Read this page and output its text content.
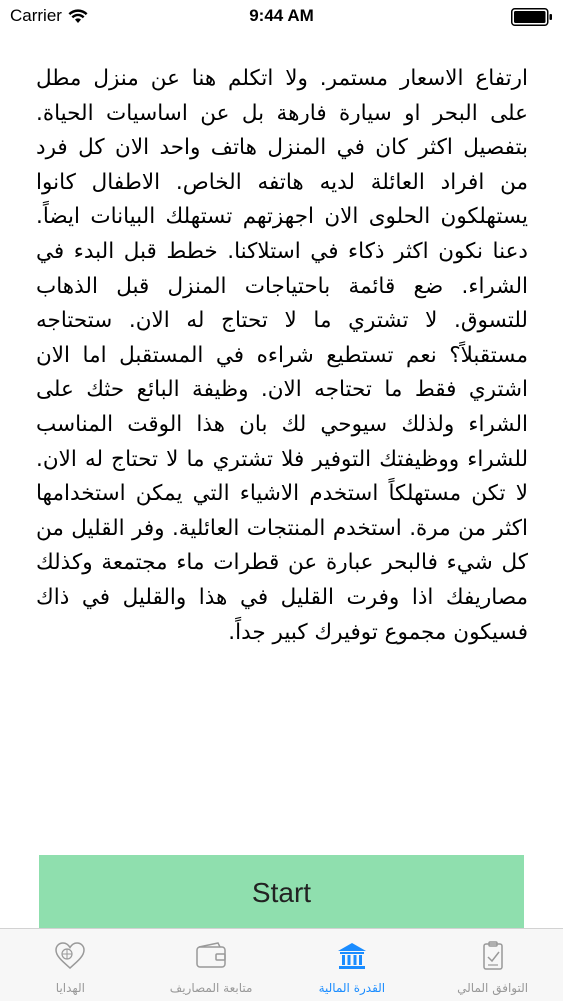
Carrier	9:44 AM

ارتفاع الاسعار مستمر. ولا اتكلم هنا عن منزل مطل على البحر او سيارة فارهة بل عن اساسيات الحياة. بتفصيل اكثر كان في المنزل هاتف واحد الان كل فرد من افراد العائلة لديه هاتفه الخاص. الاطفال كانوا يستهلكون الحلوى الان اجهزتهم تستهلك البيانات ايضاً. دعنا نكون اكثر ذكاء في استلاكنا. خطط قبل البدء في الشراء. ضع قائمة باحتياجات المنزل قبل الذهاب للتسوق. لا تشتري ما لا تحتاج له الان. ستحتاجه مستقبلاً؟ نعم تستطيع شراءه في المستقبل اما الان اشتري فقط ما تحتاجه الان. وظيفة البائع حثك على الشراء ولذلك سيوحي لك بان هذا الوقت المناسب للشراء ووظيفتك التوفير فلا تشتري ما لا تحتاج له الان. لا تكن مستهلكاً استخدم الاشياء التي يمكن استخدامها اكثر من مرة. استخدم المنتجات العائلية. وفر القليل من كل شيء فالبحر عبارة عن قطرات ماء مجتمعة وكذلك مصاريفك اذا وفرت القليل في هذا والقليل في ذاك فسيكون مجموع توفيرك كبير جداً.

Start
التوافق المالي
القدرة المالية
متابعة المصاريف
الهدايا
